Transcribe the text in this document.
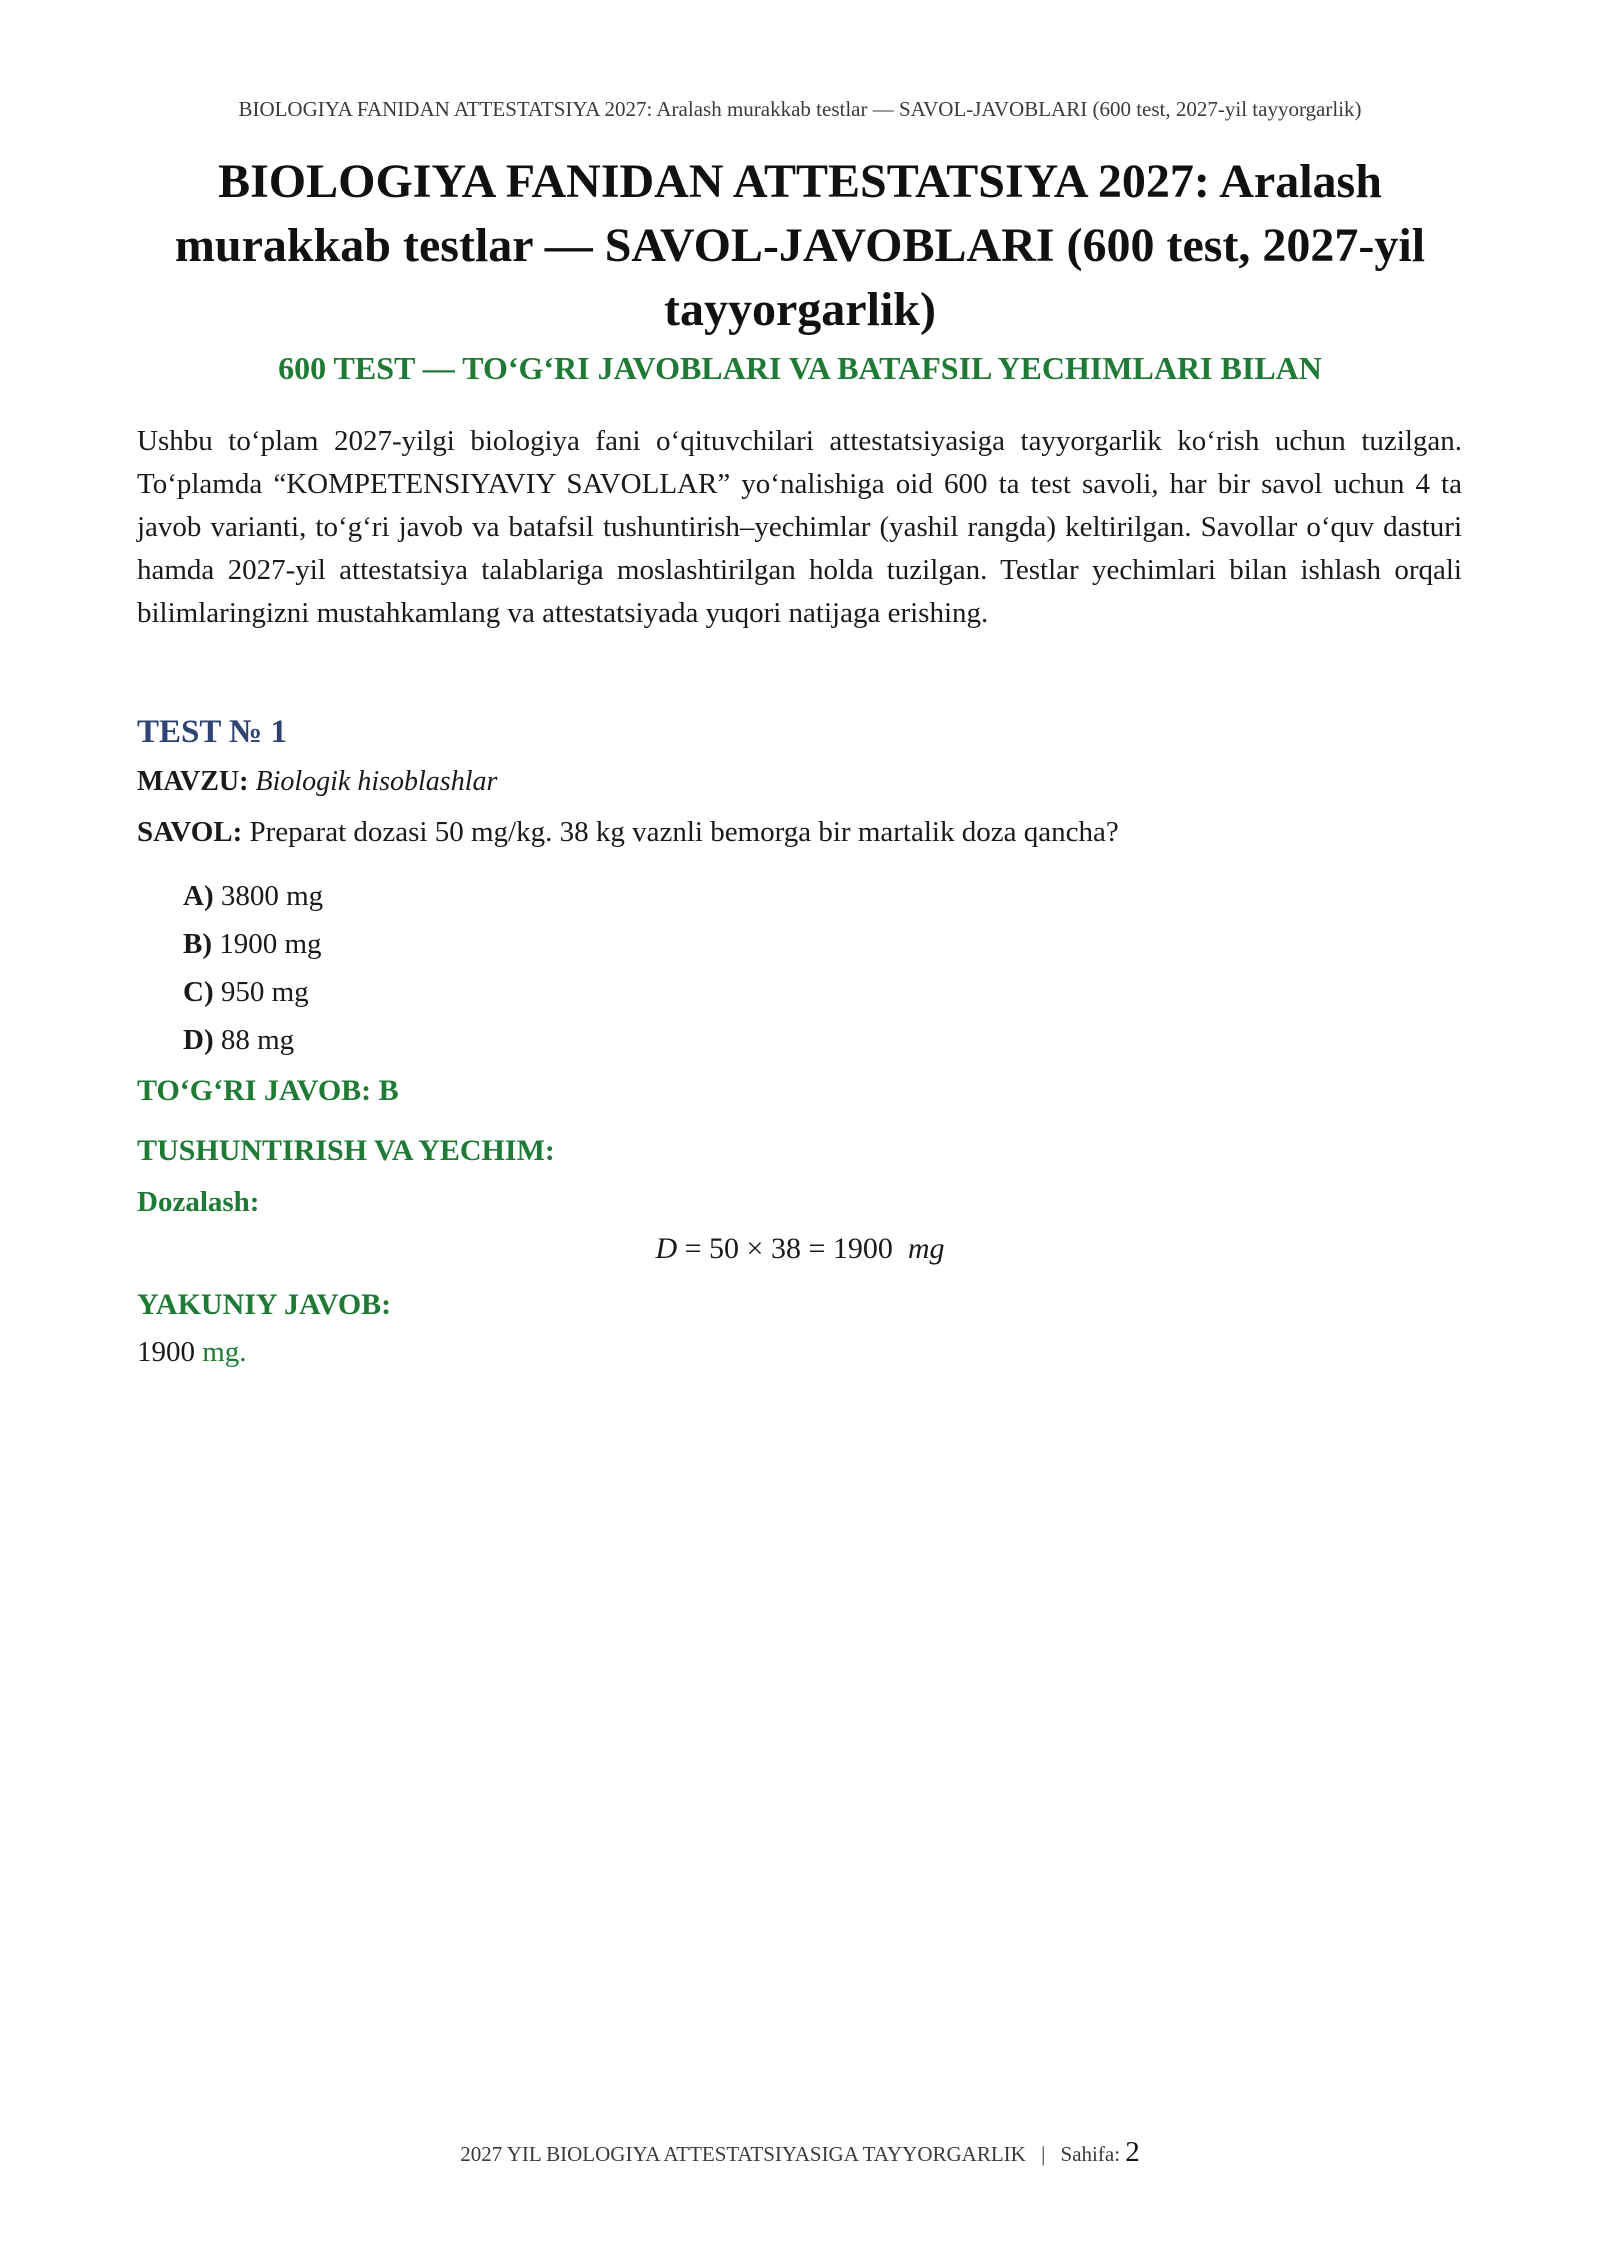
BIOLOGIYA FANIDAN ATTESTATSIYA 2027: Aralash murakkab testlar — SAVOL-JAVOBLARI (600 test, 2027-yil tayyorgarlik)
BIOLOGIYA FANIDAN ATTESTATSIYA 2027: Aralash murakkab testlar — SAVOL-JAVOBLARI (600 test, 2027-yil tayyorgarlik)
600 TEST — TO‘G‘RI JAVOBLARI VA BATAFSIL YECHIMLARI BILAN

Ushbu to‘plam 2027-yilgi biologiya fani o‘qituvchilari attestatsiyasiga tayyorgarlik ko‘rish uchun tuzilgan. To‘plamda “KOMPETENSIYAVIY SAVOLLAR” yo‘nalishiga oid 600 ta test savoli, har bir savol uchun 4 ta javob varianti, to‘g‘ri javob va batafsil tushuntirish–yechimlar (yashil rangda) keltirilgan. Savollar o‘quv dasturi hamda 2027-yil attestatsiya talablariga moslashtirilgan holda tuzilgan. Testlar yechimlari bilan ishlash orqali bilimlaringizni mustahkamlang va attestatsiyada yuqori natijaga erishing.

TEST № 1
MAVZU: Biologik hisoblashlar
SAVOL: Preparat dozasi 50 mg/kg. 38 kg vaznli bemorga bir martalik doza qancha?
A) 3800 mg
B) 1900 mg
C) 950 mg
D) 88 mg
TO‘G‘RI JAVOB: B
TUSHUNTIRISH VA YECHIM:
Dozalash:
D = 50 × 38 = 1900 mg
YAKUNIY JAVOB:
1900 mg.
2027 YIL BIOLOGIYA ATTESTATSIYASIGA TAYYORGARLIK | Sahifa: 2
